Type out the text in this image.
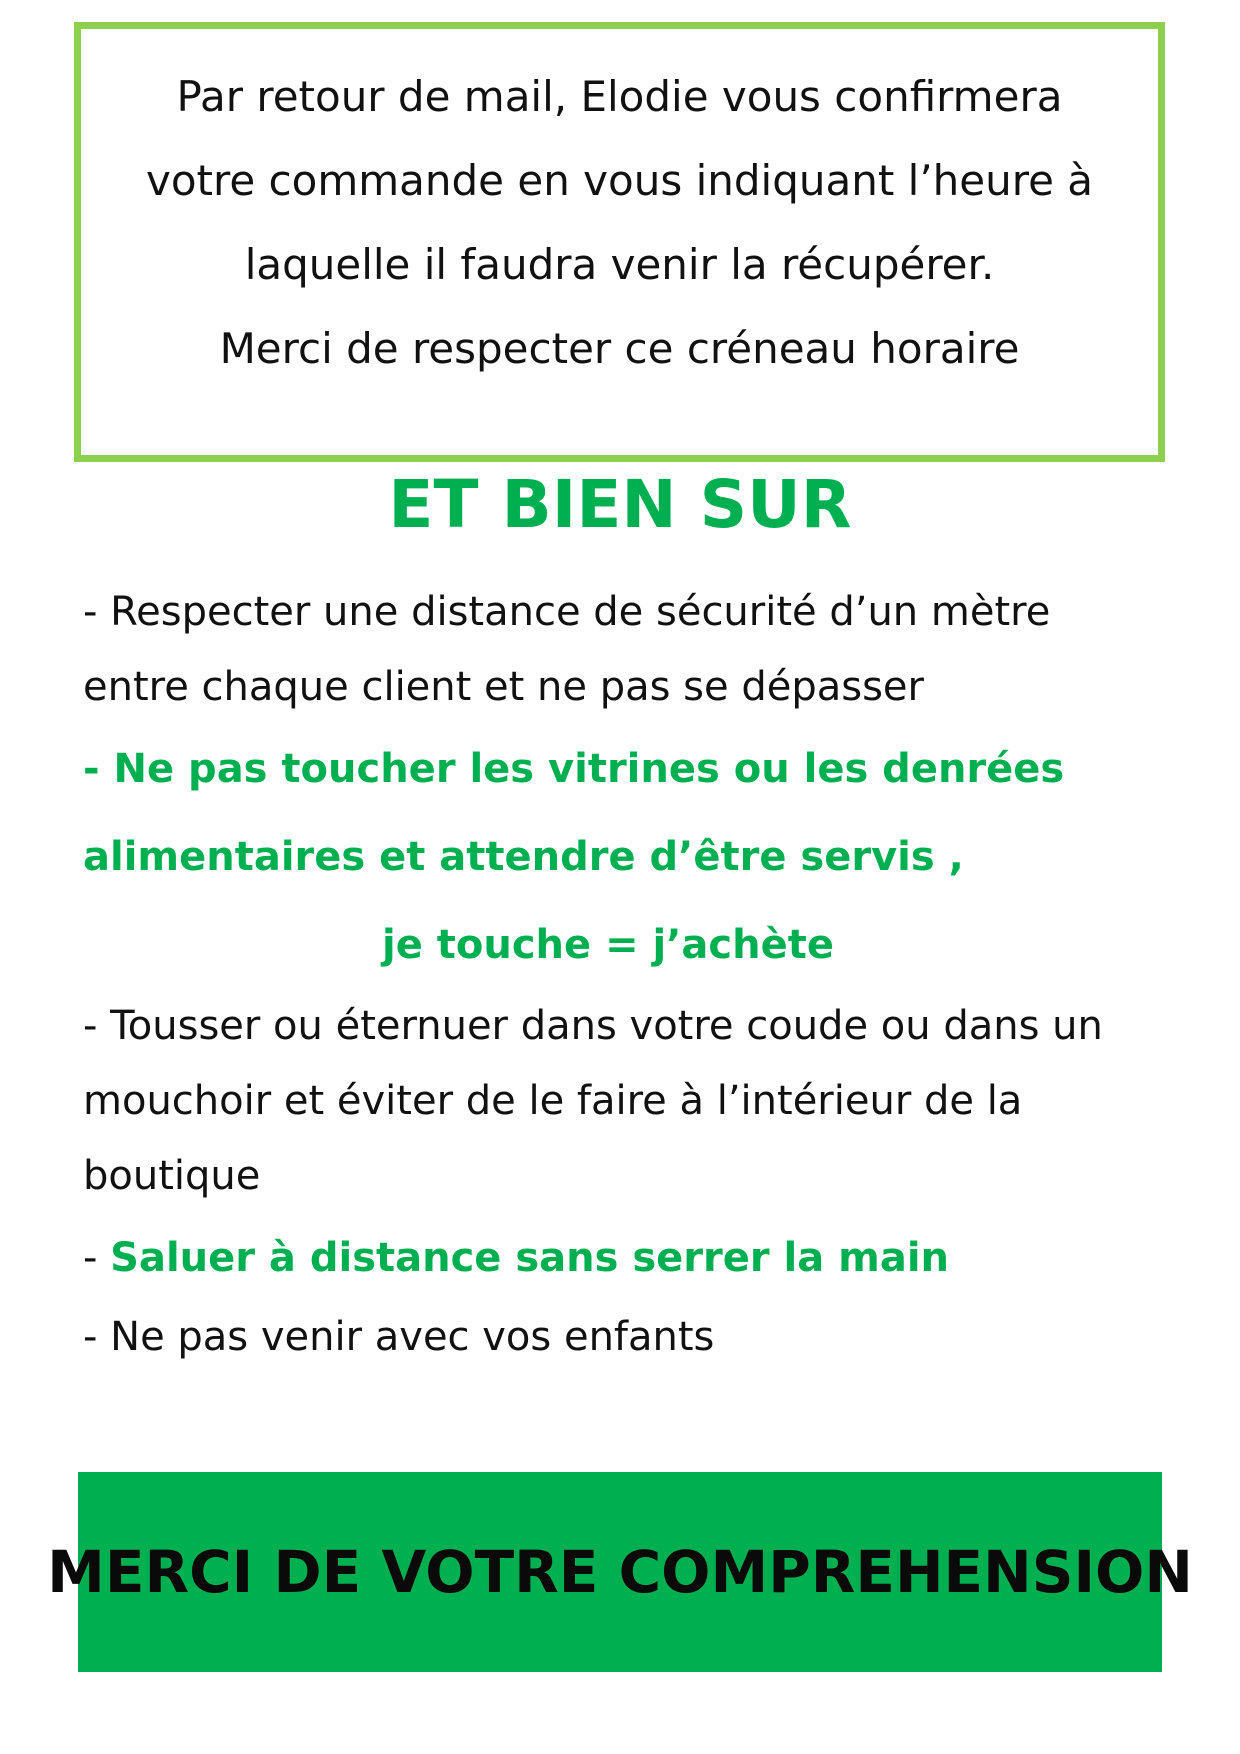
Par retour de mail, Elodie vous confirmera

votre commande en vous indiquant l’heure à

laquelle il faudra venir la récupérer.

Merci de respecter ce créneau horaire

ET BIEN SUR
- Respecter une distance de sécurité d’un mètre
entre chaque client et ne pas se dépasser
- Ne pas toucher les vitrines ou les denrées
alimentaires et attendre d’être servis ,
je touche = j’achète
- Tousser ou éternuer dans votre coude ou dans un
mouchoir et éviter de le faire à l’intérieur de la
boutique
- Saluer à distance sans serrer la main
- Ne pas venir avec vos enfants
MERCI DE VOTRE COMPREHENSION
